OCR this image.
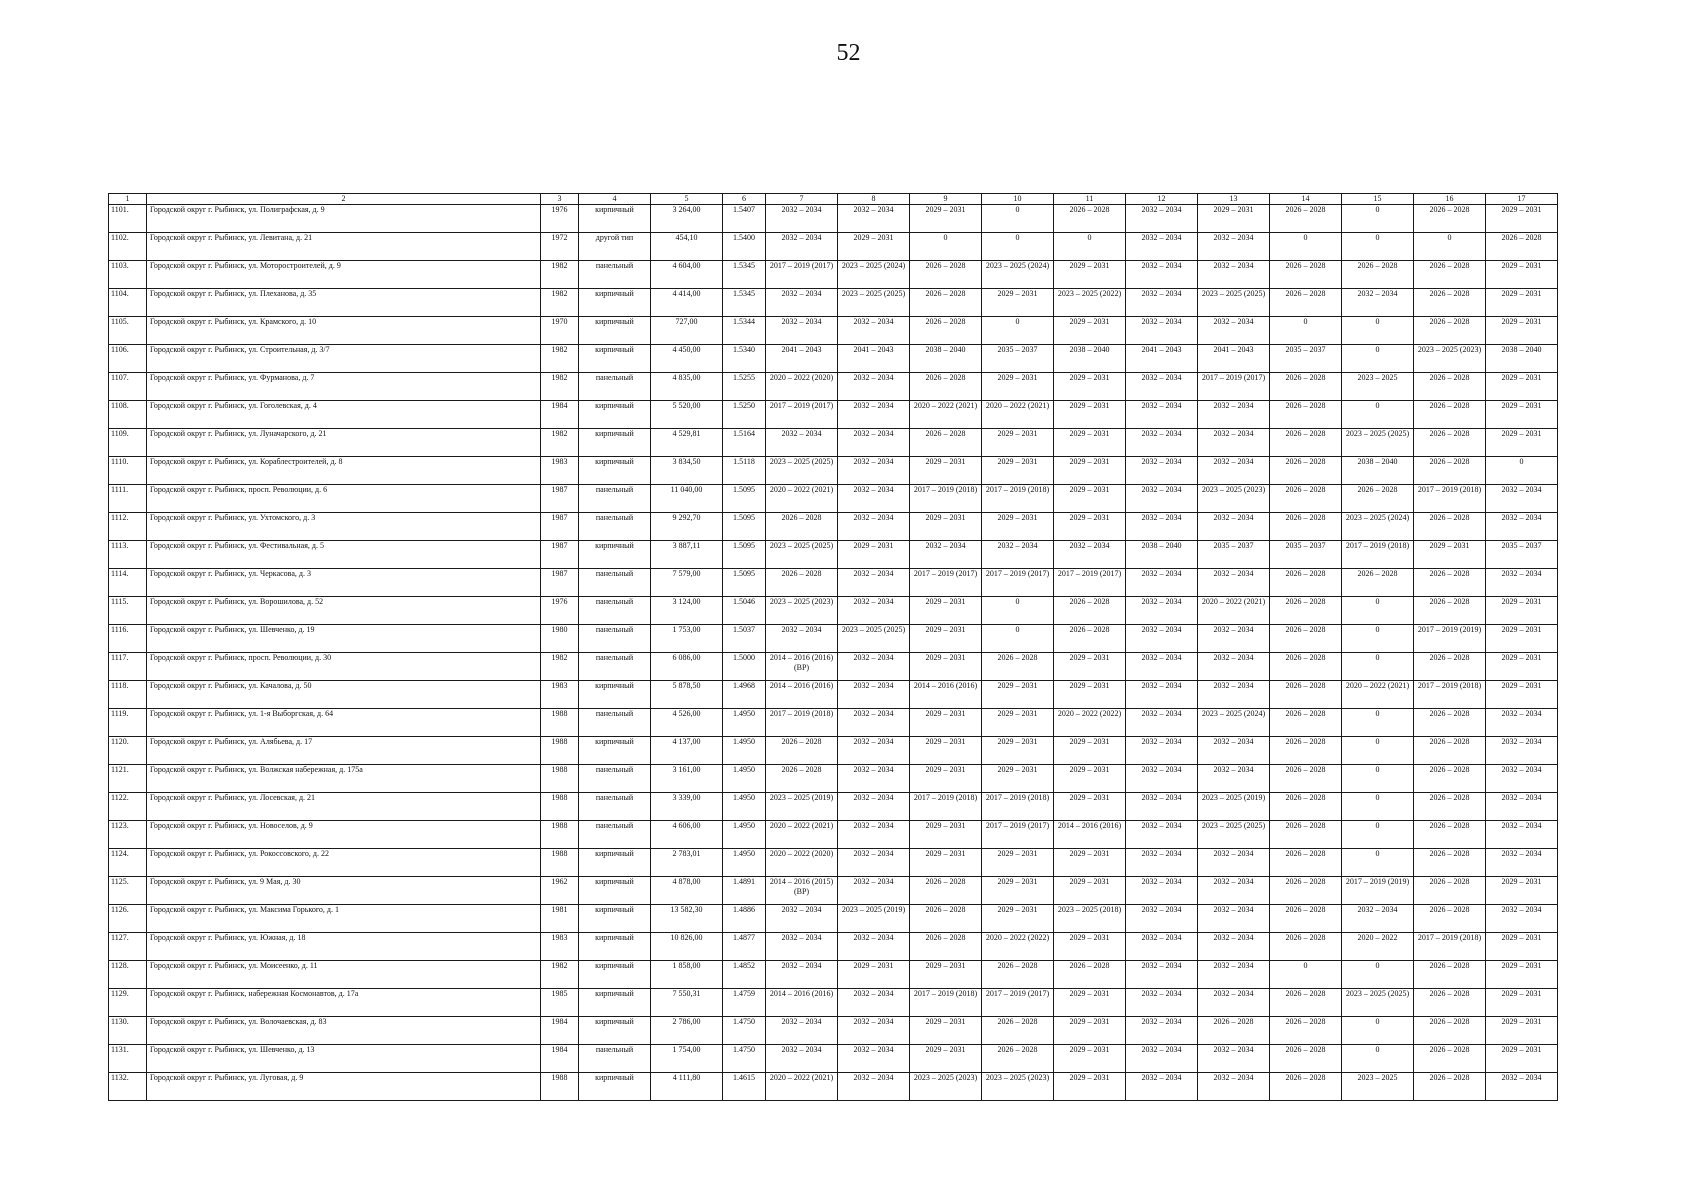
52
1	2	3	4	5	6	7	8	9	10	11	12	13	14	15	16	17
1101.	Городской округ г. Рыбинск, ул. Полиграфская, д. 9	1976	кирпичный	3 264,00	1.5407	2032 – 2034	2032 – 2034	2029 – 2031	0	2026 – 2028	2032 – 2034	2029 – 2031	2026 – 2028	0	2026 – 2028	2029 – 2031
1102.	Городской округ г. Рыбинск, ул. Левитана, д. 21	1972	другой тип	454,10	1.5400	2032 – 2034	2029 – 2031	0	0	0	2032 – 2034	2032 – 2034	0	0	0	2026 – 2028
1103.	Городской округ г. Рыбинск, ул. Моторостроителей, д. 9	1982	панельный	4 604,00	1.5345	2017 – 2019 (2017)	2023 – 2025 (2024)	2026 – 2028	2023 – 2025 (2024)	2029 – 2031	2032 – 2034	2032 – 2034	2026 – 2028	2026 – 2028	2026 – 2028	2029 – 2031
1104.	Городской округ г. Рыбинск, ул. Плеханова, д. 35	1982	кирпичный	4 414,00	1.5345	2032 – 2034	2023 – 2025 (2025)	2026 – 2028	2029 – 2031	2023 – 2025 (2022)	2032 – 2034	2023 – 2025 (2025)	2026 – 2028	2032 – 2034	2026 – 2028	2029 – 2031
1105.	Городской округ г. Рыбинск, ул. Крамского, д. 10	1970	кирпичный	727,00	1.5344	2032 – 2034	2032 – 2034	2026 – 2028	0	2029 – 2031	2032 – 2034	2032 – 2034	0	0	2026 – 2028	2029 – 2031
1106.	Городской округ г. Рыбинск, ул. Строительная, д. 3/7	1982	кирпичный	4 450,00	1.5340	2041 – 2043	2041 – 2043	2038 – 2040	2035 – 2037	2038 – 2040	2041 – 2043	2041 – 2043	2035 – 2037	0	2023 – 2025 (2023)	2038 – 2040
1107.	Городской округ г. Рыбинск, ул. Фурманова, д. 7	1982	панельный	4 835,00	1.5255	2020 – 2022 (2020)	2032 – 2034	2026 – 2028	2029 – 2031	2029 – 2031	2032 – 2034	2017 – 2019 (2017)	2026 – 2028	2023 – 2025	2026 – 2028	2029 – 2031
1108.	Городской округ г. Рыбинск, ул. Гоголевская, д. 4	1984	кирпичный	5 520,00	1.5250	2017 – 2019 (2017)	2032 – 2034	2020 – 2022 (2021)	2020 – 2022 (2021)	2029 – 2031	2032 – 2034	2032 – 2034	2026 – 2028	0	2026 – 2028	2029 – 2031
1109.	Городской округ г. Рыбинск, ул. Луначарского, д. 21	1982	кирпичный	4 529,81	1.5164	2032 – 2034	2032 – 2034	2026 – 2028	2029 – 2031	2029 – 2031	2032 – 2034	2032 – 2034	2026 – 2028	2023 – 2025 (2025)	2026 – 2028	2029 – 2031
1110.	Городской округ г. Рыбинск, ул. Кораблестроителей, д. 8	1983	кирпичный	3 834,50	1.5118	2023 – 2025 (2025)	2032 – 2034	2029 – 2031	2029 – 2031	2029 – 2031	2032 – 2034	2032 – 2034	2026 – 2028	2038 – 2040	2026 – 2028	0
1111.	Городской округ г. Рыбинск, просп. Революции, д. 6	1987	панельный	11 040,00	1.5095	2020 – 2022 (2021)	2032 – 2034	2017 – 2019 (2018)	2017 – 2019 (2018)	2029 – 2031	2032 – 2034	2023 – 2025 (2023)	2026 – 2028	2026 – 2028	2017 – 2019 (2018)	2032 – 2034
1112.	Городской округ г. Рыбинск, ул. Ухтомского, д. 3	1987	панельный	9 292,70	1.5095	2026 – 2028	2032 – 2034	2029 – 2031	2029 – 2031	2029 – 2031	2032 – 2034	2032 – 2034	2026 – 2028	2023 – 2025 (2024)	2026 – 2028	2032 – 2034
1113.	Городской округ г. Рыбинск, ул. Фестивальная, д. 5	1987	кирпичный	3 887,11	1.5095	2023 – 2025 (2025)	2029 – 2031	2032 – 2034	2032 – 2034	2032 – 2034	2038 – 2040	2035 – 2037	2035 – 2037	2017 – 2019 (2018)	2029 – 2031	2035 – 2037
1114.	Городской округ г. Рыбинск, ул. Черкасова, д. 3	1987	панельный	7 579,00	1.5095	2026 – 2028	2032 – 2034	2017 – 2019 (2017)	2017 – 2019 (2017)	2017 – 2019 (2017)	2032 – 2034	2032 – 2034	2026 – 2028	2026 – 2028	2026 – 2028	2032 – 2034
1115.	Городской округ г. Рыбинск, ул. Ворошилова, д. 52	1976	панельный	3 124,00	1.5046	2023 – 2025 (2023)	2032 – 2034	2029 – 2031	0	2026 – 2028	2032 – 2034	2020 – 2022 (2021)	2026 – 2028	0	2026 – 2028	2029 – 2031
1116.	Городской округ г. Рыбинск, ул. Шевченко, д. 19	1980	панельный	1 753,00	1.5037	2032 – 2034	2023 – 2025 (2025)	2029 – 2031	0	2026 – 2028	2032 – 2034	2032 – 2034	2026 – 2028	0	2017 – 2019 (2019)	2029 – 2031
1117.	Городской округ г. Рыбинск, просп. Революции, д. 30	1982	панельный	6 086,00	1.5000	2014 – 2016 (2016) (ВР)	2032 – 2034	2029 – 2031	2026 – 2028	2029 – 2031	2032 – 2034	2032 – 2034	2026 – 2028	0	2026 – 2028	2029 – 2031
1118.	Городской округ г. Рыбинск, ул. Качалова, д. 50	1983	кирпичный	5 878,50	1.4968	2014 – 2016 (2016)	2032 – 2034	2014 – 2016 (2016)	2029 – 2031	2029 – 2031	2032 – 2034	2032 – 2034	2026 – 2028	2020 – 2022 (2021)	2017 – 2019 (2018)	2029 – 2031
1119.	Городской округ г. Рыбинск, ул. 1-я Выборгская, д. 64	1988	панельный	4 526,00	1.4950	2017 – 2019 (2018)	2032 – 2034	2029 – 2031	2029 – 2031	2020 – 2022 (2022)	2032 – 2034	2023 – 2025 (2024)	2026 – 2028	0	2026 – 2028	2032 – 2034
1120.	Городской округ г. Рыбинск, ул. Алябьева, д. 17	1988	кирпичный	4 137,00	1.4950	2026 – 2028	2032 – 2034	2029 – 2031	2029 – 2031	2029 – 2031	2032 – 2034	2032 – 2034	2026 – 2028	0	2026 – 2028	2032 – 2034
1121.	Городской округ г. Рыбинск, ул. Волжская набережная, д. 175а	1988	панельный	3 161,00	1.4950	2026 – 2028	2032 – 2034	2029 – 2031	2029 – 2031	2029 – 2031	2032 – 2034	2032 – 2034	2026 – 2028	0	2026 – 2028	2032 – 2034
1122.	Городской округ г. Рыбинск, ул. Лосевская, д. 21	1988	панельный	3 339,00	1.4950	2023 – 2025 (2019)	2032 – 2034	2017 – 2019 (2018)	2017 – 2019 (2018)	2029 – 2031	2032 – 2034	2023 – 2025 (2019)	2026 – 2028	0	2026 – 2028	2032 – 2034
1123.	Городской округ г. Рыбинск, ул. Новоселов, д. 9	1988	панельный	4 606,00	1.4950	2020 – 2022 (2021)	2032 – 2034	2029 – 2031	2017 – 2019 (2017)	2014 – 2016 (2016)	2032 – 2034	2023 – 2025 (2025)	2026 – 2028	0	2026 – 2028	2032 – 2034
1124.	Городской округ г. Рыбинск, ул. Рокоссовского, д. 22	1988	кирпичный	2 783,01	1.4950	2020 – 2022 (2020)	2032 – 2034	2029 – 2031	2029 – 2031	2029 – 2031	2032 – 2034	2032 – 2034	2026 – 2028	0	2026 – 2028	2032 – 2034
1125.	Городской округ г. Рыбинск, ул. 9 Мая, д. 30	1962	кирпичный	4 878,00	1.4891	2014 – 2016 (2015) (ВР)	2032 – 2034	2026 – 2028	2029 – 2031	2029 – 2031	2032 – 2034	2032 – 2034	2026 – 2028	2017 – 2019 (2019)	2026 – 2028	2029 – 2031
1126.	Городской округ г. Рыбинск, ул. Максима Горького, д. 1	1981	кирпичный	13 582,30	1.4886	2032 – 2034	2023 – 2025 (2019)	2026 – 2028	2029 – 2031	2023 – 2025 (2018)	2032 – 2034	2032 – 2034	2026 – 2028	2032 – 2034	2026 – 2028	2032 – 2034
1127.	Городской округ г. Рыбинск, ул. Южная, д. 18	1983	кирпичный	10 826,00	1.4877	2032 – 2034	2032 – 2034	2026 – 2028	2020 – 2022 (2022)	2029 – 2031	2032 – 2034	2032 – 2034	2026 – 2028	2020 – 2022	2017 – 2019 (2018)	2029 – 2031
1128.	Городской округ г. Рыбинск, ул. Моисеенко, д. 11	1982	кирпичный	1 858,00	1.4852	2032 – 2034	2029 – 2031	2029 – 2031	2026 – 2028	2026 – 2028	2032 – 2034	2032 – 2034	0	0	2026 – 2028	2029 – 2031
1129.	Городской округ г. Рыбинск, набережная Космонавтов, д. 17а	1985	кирпичный	7 550,31	1.4759	2014 – 2016 (2016)	2032 – 2034	2017 – 2019 (2018)	2017 – 2019 (2017)	2029 – 2031	2032 – 2034	2032 – 2034	2026 – 2028	2023 – 2025 (2025)	2026 – 2028	2029 – 2031
1130.	Городской округ г. Рыбинск, ул. Волочаевская, д. 83	1984	кирпичный	2 786,00	1.4750	2032 – 2034	2032 – 2034	2029 – 2031	2026 – 2028	2029 – 2031	2032 – 2034	2026 – 2028	2026 – 2028	0	2026 – 2028	2029 – 2031
1131.	Городской округ г. Рыбинск, ул. Шевченко, д. 13	1984	панельный	1 754,00	1.4750	2032 – 2034	2032 – 2034	2029 – 2031	2026 – 2028	2029 – 2031	2032 – 2034	2032 – 2034	2026 – 2028	0	2026 – 2028	2029 – 2031
1132.	Городской округ г. Рыбинск, ул. Луговая, д. 9	1988	кирпичный	4 111,80	1.4615	2020 – 2022 (2021)	2032 – 2034	2023 – 2025 (2023)	2023 – 2025 (2023)	2029 – 2031	2032 – 2034	2032 – 2034	2026 – 2028	2023 – 2025	2026 – 2028	2032 – 2034
